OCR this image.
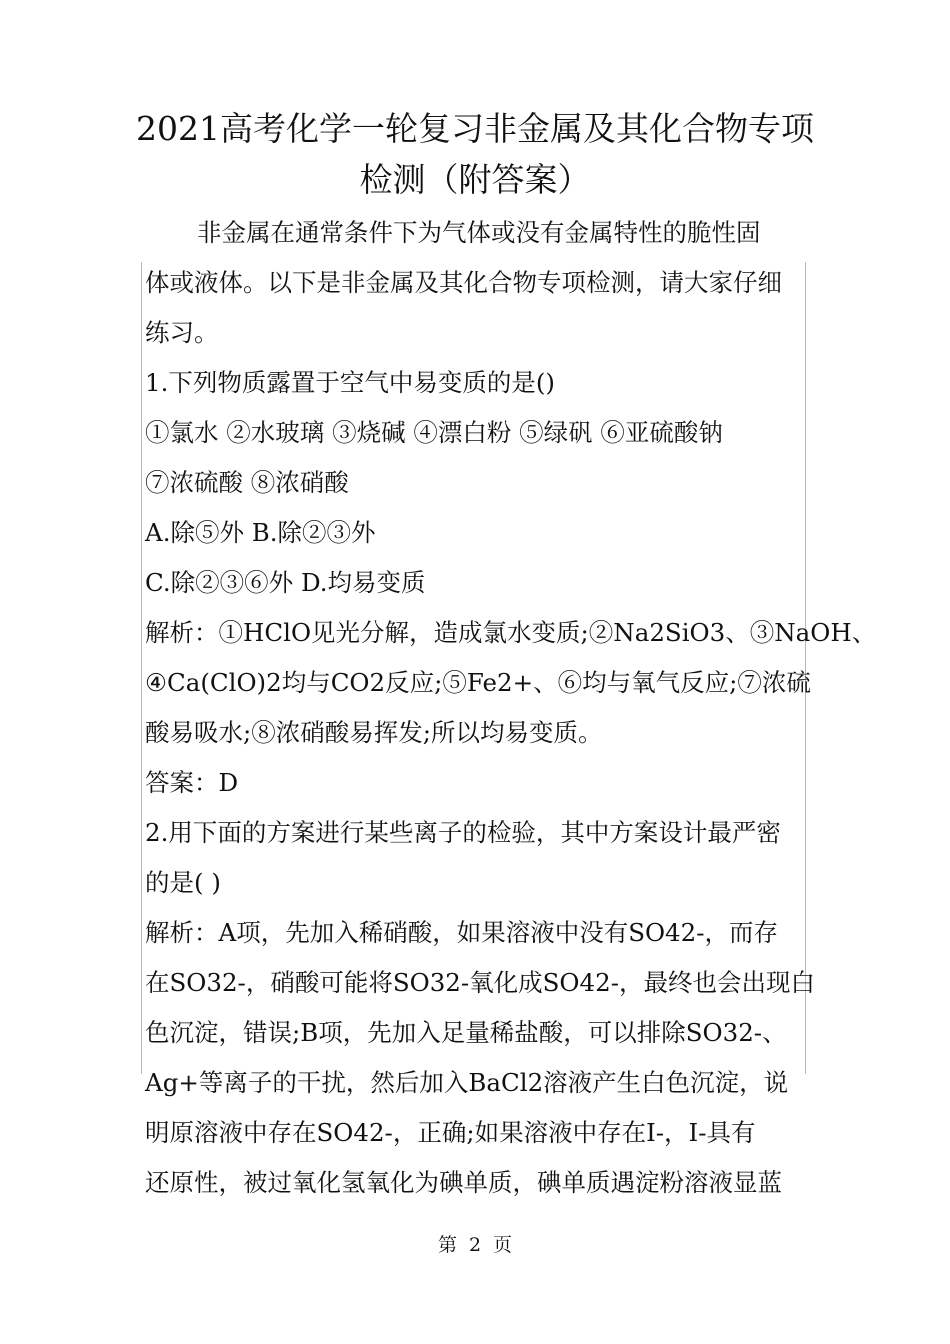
2021高考化学一轮复习非金属及其化合物专项
检测（附答案）
非金属在通常条件下为气体或没有金属特性的脆性固
体或液体。以下是非金属及其化合物专项检测，请大家仔细
练习。
1.下列物质露置于空气中易变质的是()
①氯水 ②水玻璃 ③烧碱 ④漂白粉 ⑤绿矾 ⑥亚硫酸钠
⑦浓硫酸 ⑧浓硝酸
A.除⑤外 B.除②③外
C.除②③⑥外 D.均易变质
解析：①HClO见光分解，造成氯水变质;②Na2SiO3、③NaOH、
④Ca(ClO)2均与CO2反应;⑤Fe2+、⑥均与氧气反应;⑦浓硫
酸易吸水;⑧浓硝酸易挥发;所以均易变质。
答案：D
2.用下面的方案进行某些离子的检验，其中方案设计最严密
的是( )
解析：A项，先加入稀硝酸，如果溶液中没有SO42-，而存
在SO32-，硝酸可能将SO32-氧化成SO42-，最终也会出现白
色沉淀，错误;B项，先加入足量稀盐酸，可以排除SO32-、
Ag+等离子的干扰，然后加入BaCl2溶液产生白色沉淀，说
明原溶液中存在SO42-，正确;如果溶液中存在I-，I-具有
还原性，被过氧化氢氧化为碘单质，碘单质遇淀粉溶液显蓝
第 2 页
